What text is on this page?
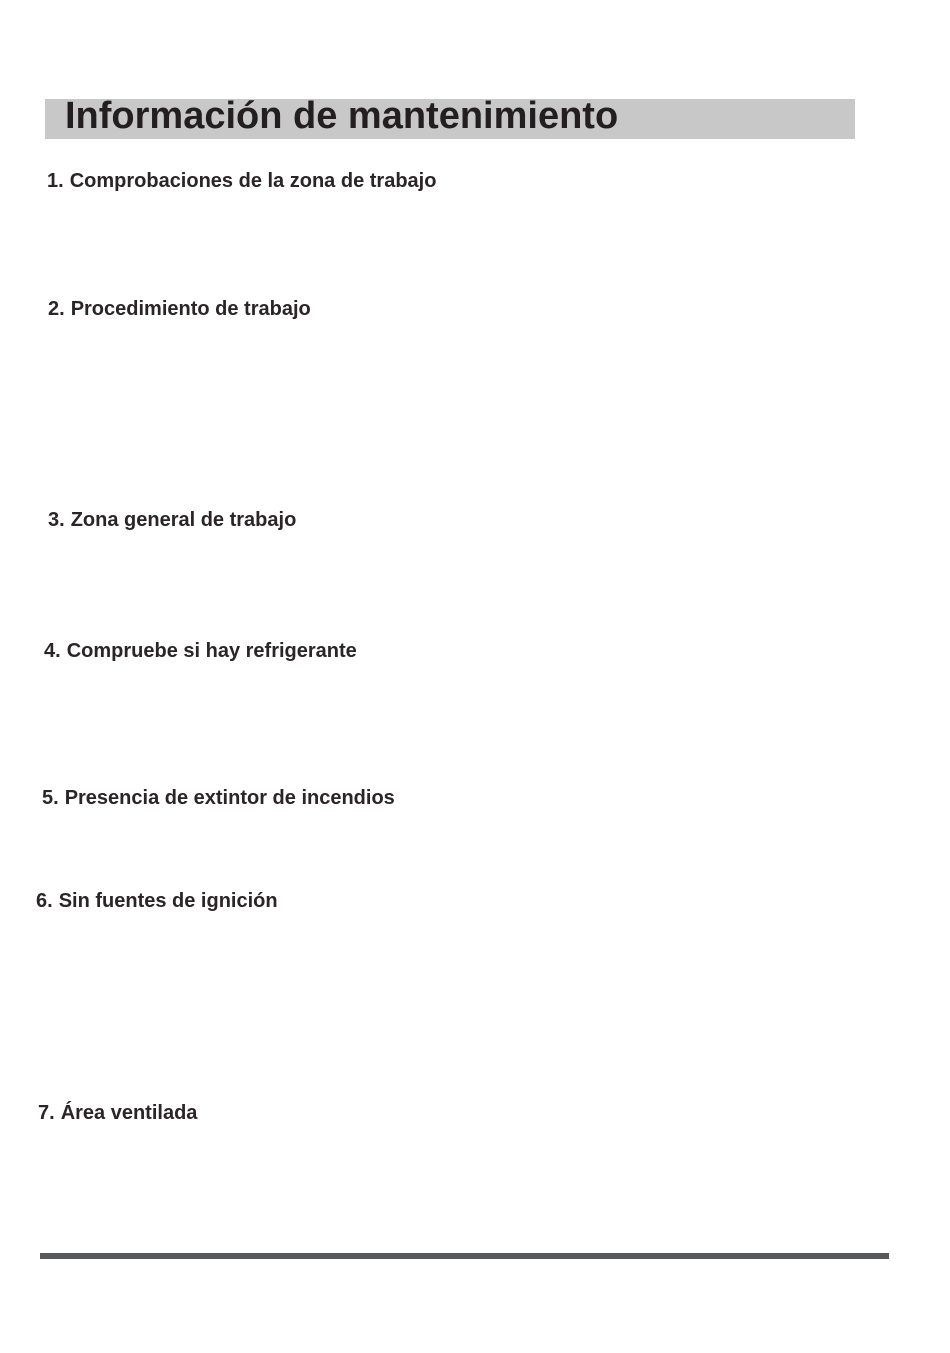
Información de mantenimiento
1. Comprobaciones de la zona de trabajo
2. Procedimiento de trabajo
3. Zona general de trabajo
4. Compruebe si hay refrigerante
5. Presencia de extintor de incendios
6. Sin fuentes de ignición
7. Área ventilada
